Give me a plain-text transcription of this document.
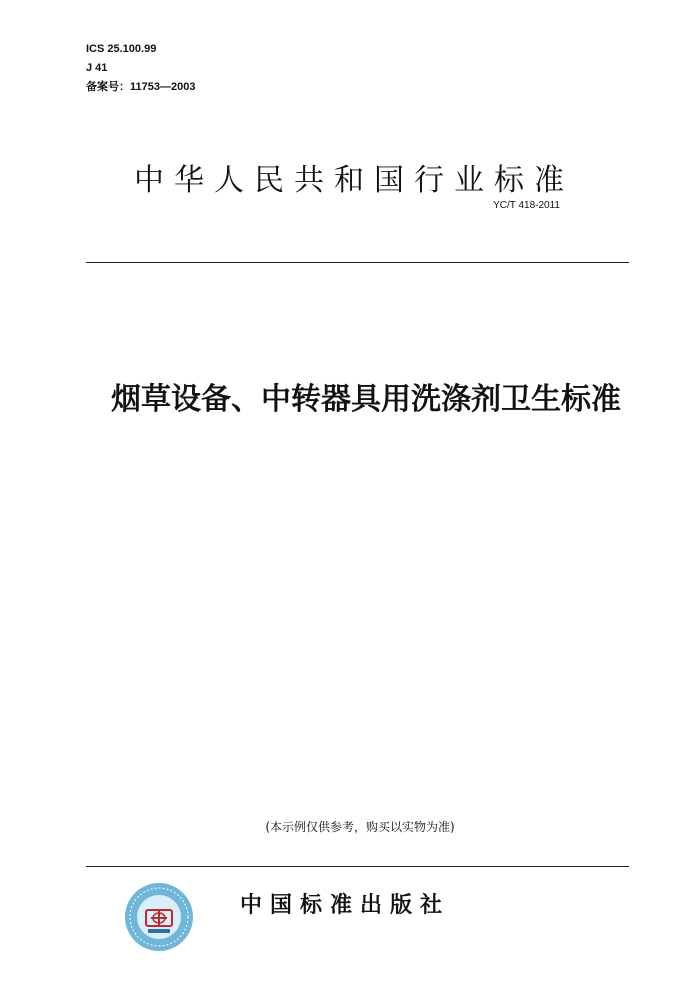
ICS 25.100.99
J 41
备案号：11753—2003
中华人民共和国行业标准
YC/T 418-2011
烟草设备、中转器具用洗涤剂卫生标准
(本示例仅供参考，购买以实物为准)
中国标准出版社
